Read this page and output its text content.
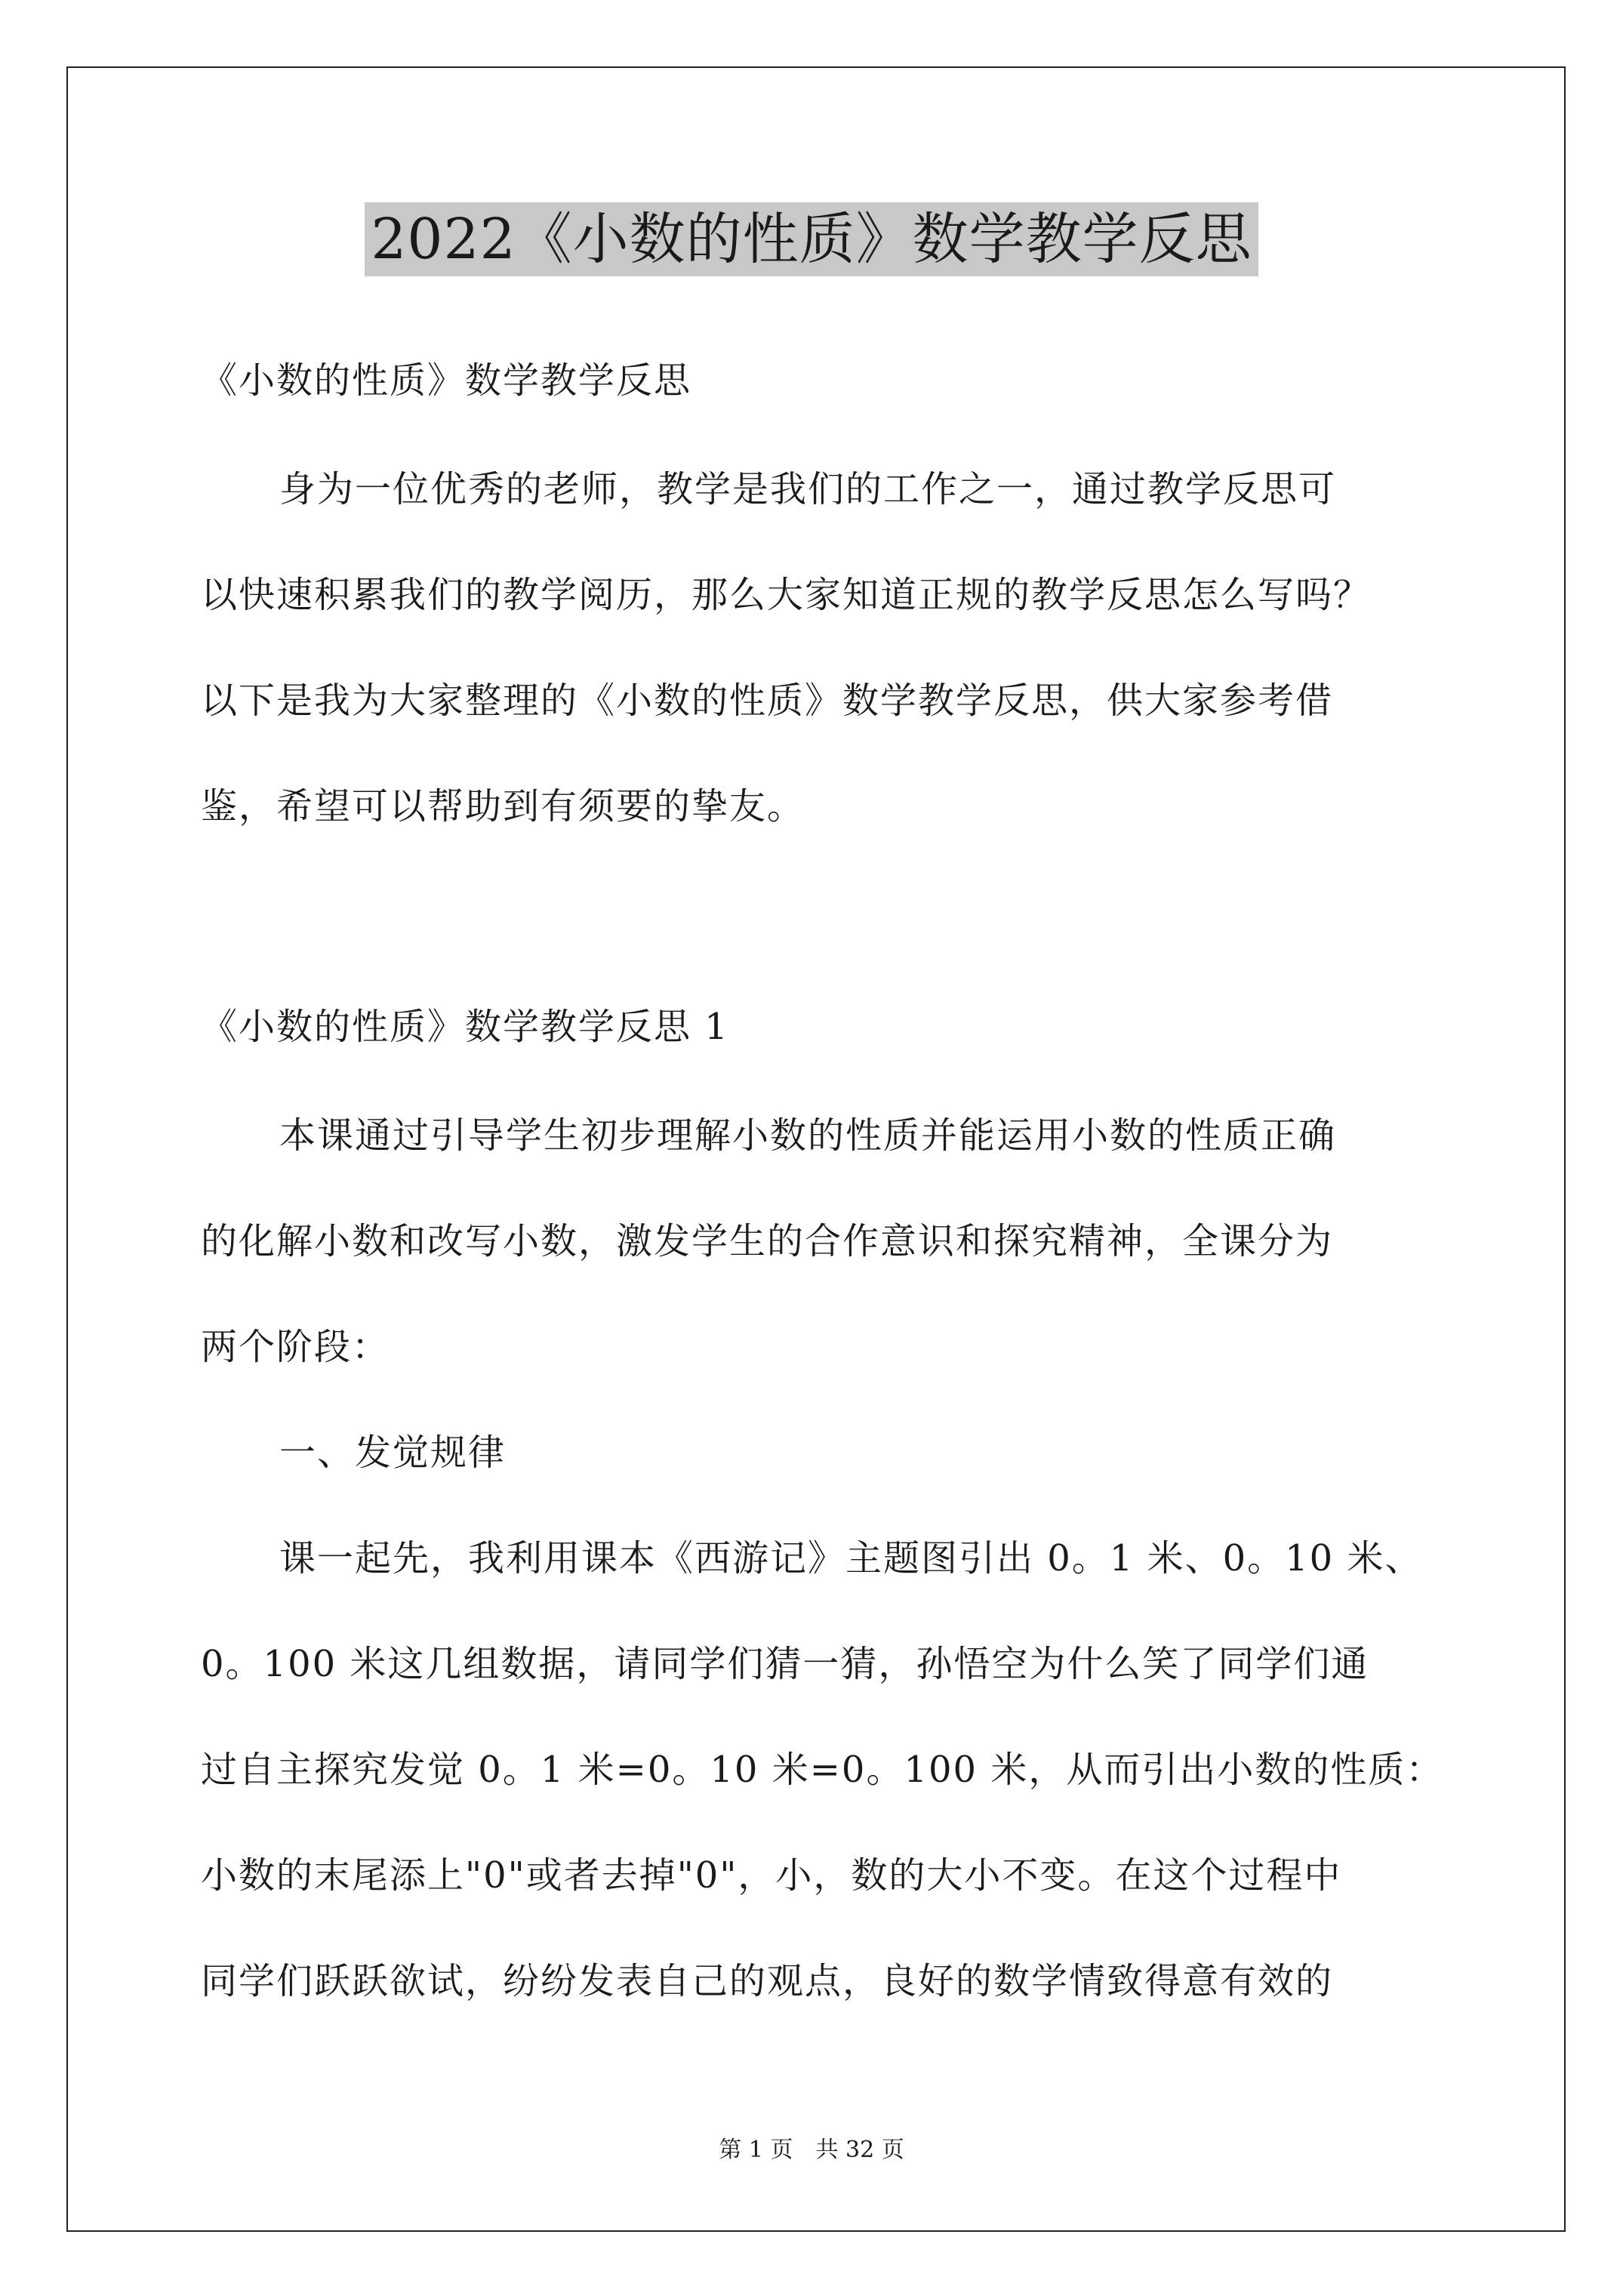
2022《小数的性质》数学教学反思
《小数的性质》数学教学反思
身为一位优秀的老师，教学是我们的工作之一，通过教学反思可
以快速积累我们的教学阅历，那么大家知道正规的教学反思怎么写吗？
以下是我为大家整理的《小数的性质》数学教学反思，供大家参考借
鉴，希望可以帮助到有须要的挚友。
《小数的性质》数学教学反思 1
本课通过引导学生初步理解小数的性质并能运用小数的性质正确
的化解小数和改写小数，激发学生的合作意识和探究精神，全课分为
两个阶段：
一、发觉规律
课一起先，我利用课本《西游记》主题图引出 0。1 米、0。10 米、
0。100 米这几组数据，请同学们猜一猜，孙悟空为什么笑了同学们通
过自主探究发觉 0。1 米=0。10 米=0。100 米，从而引出小数的性质：
小数的末尾添上"0"或者去掉"0"，小，数的大小不变。在这个过程中
同学们跃跃欲试，纷纷发表自己的观点，良好的数学情致得意有效的
第 1 页　共 32 页
